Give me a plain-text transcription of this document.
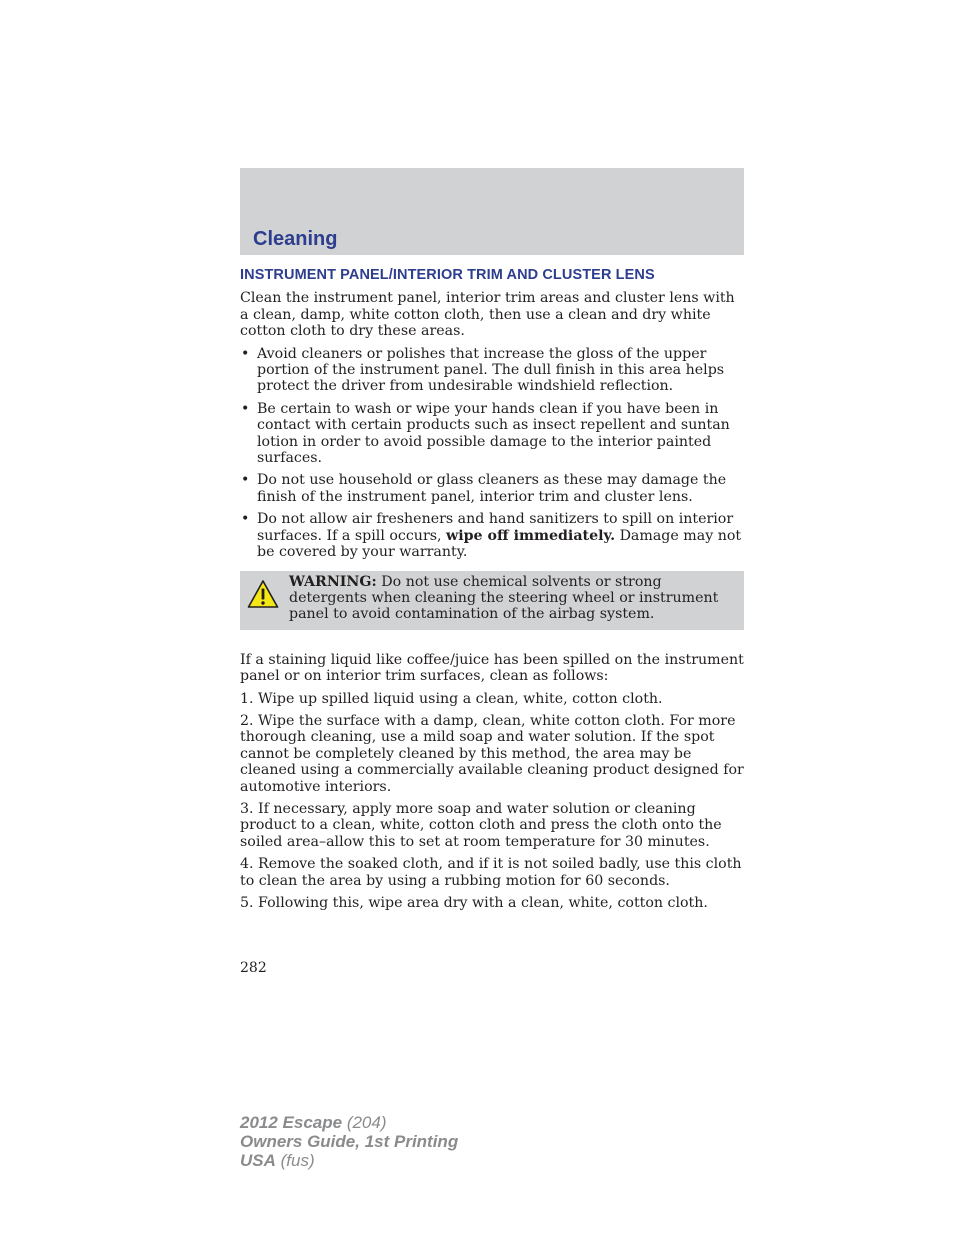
Cleaning
INSTRUMENT PANEL/INTERIOR TRIM AND CLUSTER LENS

Clean the instrument panel, interior trim areas and cluster lens with a clean, damp, white cotton cloth, then use a clean and dry white cotton cloth to dry these areas.

• Avoid cleaners or polishes that increase the gloss of the upper portion of the instrument panel. The dull finish in this area helps protect the driver from undesirable windshield reflection.
• Be certain to wash or wipe your hands clean if you have been in contact with certain products such as insect repellent and suntan lotion in order to avoid possible damage to the interior painted surfaces.
• Do not use household or glass cleaners as these may damage the finish of the instrument panel, interior trim and cluster lens.
• Do not allow air fresheners and hand sanitizers to spill on interior surfaces. If a spill occurs, wipe off immediately. Damage may not be covered by your warranty.
WARNING: Do not use chemical solvents or strong detergents when cleaning the steering wheel or instrument panel to avoid contamination of the airbag system.

If a staining liquid like coffee/juice has been spilled on the instrument panel or on interior trim surfaces, clean as follows:

1. Wipe up spilled liquid using a clean, white, cotton cloth.

2. Wipe the surface with a damp, clean, white cotton cloth. For more thorough cleaning, use a mild soap and water solution. If the spot cannot be completely cleaned by this method, the area may be cleaned using a commercially available cleaning product designed for automotive interiors.

3. If necessary, apply more soap and water solution or cleaning product to a clean, white, cotton cloth and press the cloth onto the soiled area–allow this to set at room temperature for 30 minutes.

4. Remove the soaked cloth, and if it is not soiled badly, use this cloth to clean the area by using a rubbing motion for 60 seconds.

5. Following this, wipe area dry with a clean, white, cotton cloth.

282
2012 Escape (204)
Owners Guide, 1st Printing
USA (fus)
